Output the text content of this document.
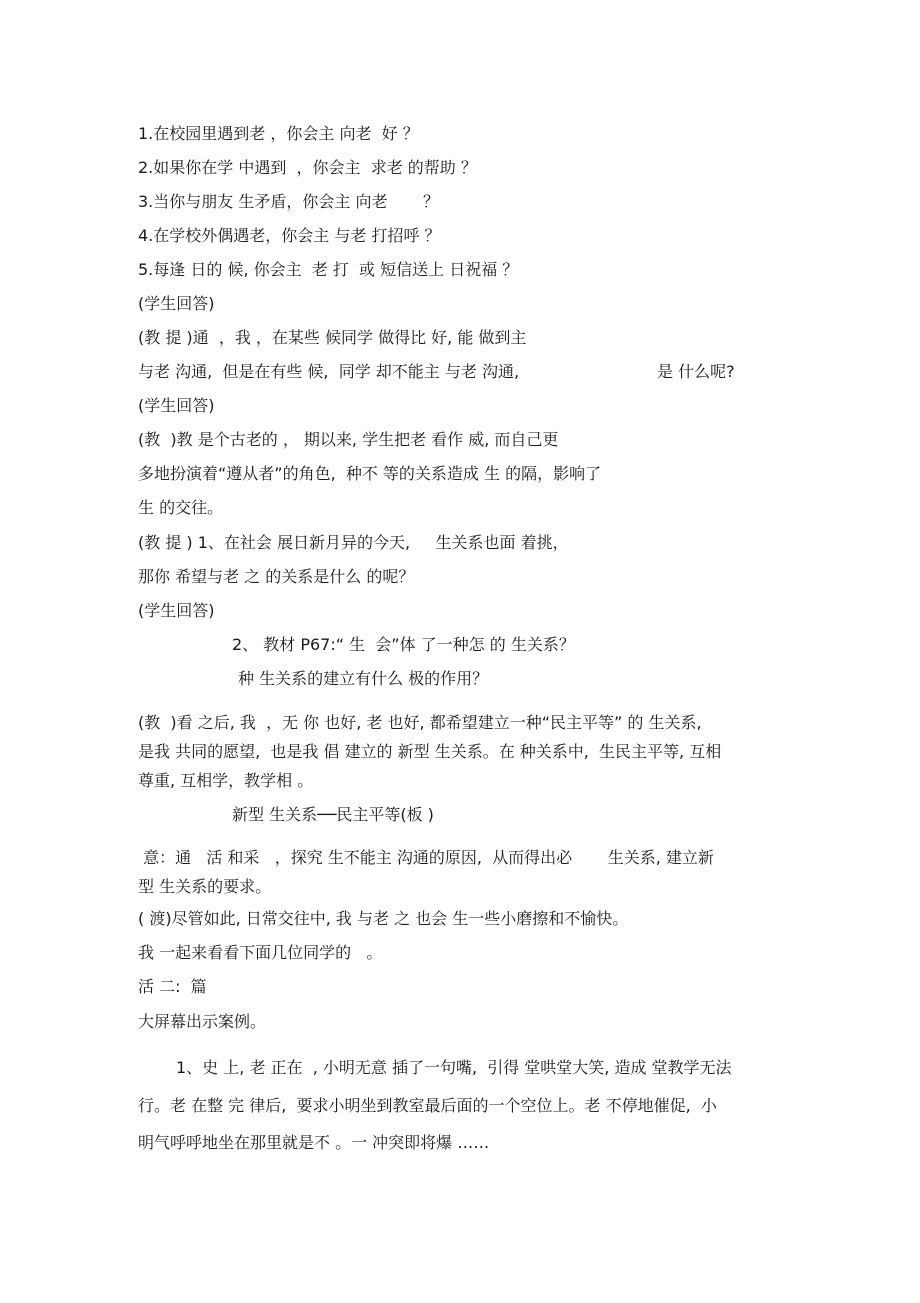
1.在校园里遇到老 ，你会主 向老  好 ？
2.如果你在学 中遇到  ，你会主  求老 的帮助 ？
3.当你与朋友 生矛盾，你会主 向老       ？
4.在学校外偶遇老，你会主 与老 打招呼 ？
5.每逢 日的 候, 你会主  老 打  或 短信送上 日祝福 ？
(学生回答)
(教 提 )通  ，我 ，在某些 候同学 做得比 好, 能 做到主
与老 沟通,  但是在有些 候,  同学 却不能主 与老 沟通,	是 什么呢?
(学生回答)
(教  )教 是个古老的 ， 期以来, 学生把老 看作 威, 而自己更
多地扮演着“遵从者”的角色,  种不 等的关系造成 生 的隔，影响了
生 的交往。
(教 提 ) 1、在社会 展日新月异的今天,     生关系也面 着挑，
那你 希望与老 之 的关系是什么 的呢？
(学生回答)
2、 教材 P67:“ 生  会”体 了一种怎 的 生关系？
种 生关系的建立有什么 极的作用？
(教  )看 之后, 我  ，无 你 也好, 老 也好, 都希望建立一种“民主平等” 的 生关系,
是我 共同的愿望,  也是我 倡 建立的 新型 生关系。在 种关系中,  生民主平等, 互相
尊重, 互相学，教学相 。
新型 生关系──民主平等(板 )
意：通   活 和采   ，探究 生不能主 沟通的原因,  从而得出必       生关系, 建立新
型 生关系的要求。
( 渡)尽管如此, 日常交往中, 我 与老 之 也会 生一些小磨擦和不愉快。
我 一起来看看下面几位同学的   。
活 二:  篇
大屏幕出示案例。
1、史 上, 老 正在  , 小明无意 插了一句嘴,  引得 堂哄堂大笑, 造成 堂教学无法
行。老 在整 完 律后,  要求小明坐到教室最后面的一个空位上。老 不停地催促,  小
明气呼呼地坐在那里就是不 。一 冲突即将爆 ……
